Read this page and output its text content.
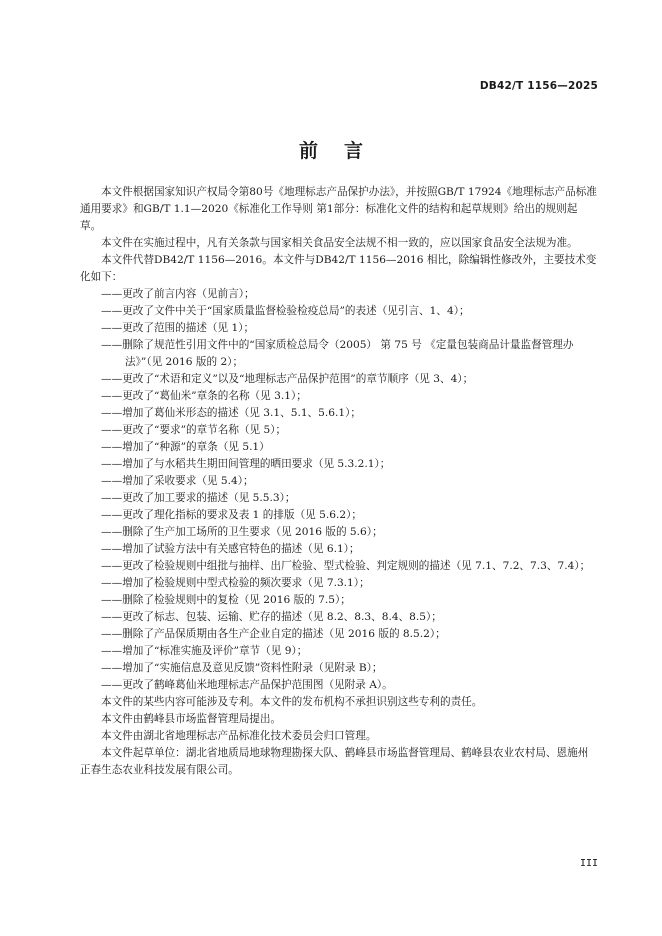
DB42/T 1156—2025
前言

本文件根据国家知识产权局令第80号《地理标志产品保护办法》，并按照GB/T 17924《地理标志产品标准通用要求》和GB/T 1.1—2020《标准化工作导则 第1部分：标准化文件的结构和起草规则》给出的规则起草。

本文件在实施过程中，凡有关条款与国家相关食品安全法规不相一致的，应以国家食品安全法规为准。

本文件代替DB42/T 1156—2016。本文件与DB42/T 1156—2016 相比，除编辑性修改外，主要技术变化如下：

——更改了前言内容（见前言）；
——更改了文件中关于“国家质量监督检验检疫总局”的表述（见引言、1、4）；
——更改了范围的描述（见 1）；
——删除了规范性引用文件中的“国家质检总局令（2005） 第 75 号 《定量包装商品计量监督管理办法》”（见 2016 版的 2）；
——更改了“术语和定义”以及“地理标志产品保护范围”的章节顺序（见 3、4）；
——更改了“葛仙米”章条的名称（见 3.1）；
——增加了葛仙米形态的描述（见 3.1、5.1、5.6.1）；
——更改了“要求”的章节名称（见 5）；
——增加了“种源”的章条（见 5.1）
——增加了与水稻共生期田间管理的晒田要求（见 5.3.2.1）；
——增加了采收要求（见 5.4）；
——更改了加工要求的描述（见 5.5.3）；
——更改了理化指标的要求及表 1 的排版（见 5.6.2）；
——删除了生产加工场所的卫生要求（见 2016 版的 5.6）；
——增加了试验方法中有关感官特色的描述（见 6.1）；
——更改了检验规则中组批与抽样、出厂检验、型式检验、判定规则的描述（见 7.1、7.2、7.3、7.4）；
——增加了检验规则中型式检验的频次要求（见 7.3.1）；
——删除了检验规则中的复检（见 2016 版的 7.5）；
——更改了标志、包装、运输、贮存的描述（见 8.2、8.3、8.4、8.5）；
——删除了产品保质期由各生产企业自定的描述（见 2016 版的 8.5.2）；
——增加了“标准实施及评价”章节（见 9）；
——增加了“实施信息及意见反馈”资料性附录（见附录 B）；
——更改了鹤峰葛仙米地理标志产品保护范围图（见附录 A）。

本文件的某些内容可能涉及专利。本文件的发布机构不承担识别这些专利的责任。

本文件由鹤峰县市场监督管理局提出。

本文件由湖北省地理标志产品标准化技术委员会归口管理。

本文件起草单位：湖北省地质局地球物理勘探大队、鹤峰县市场监督管理局、鹤峰县农业农村局、恩施州正春生态农业科技发展有限公司。

III
